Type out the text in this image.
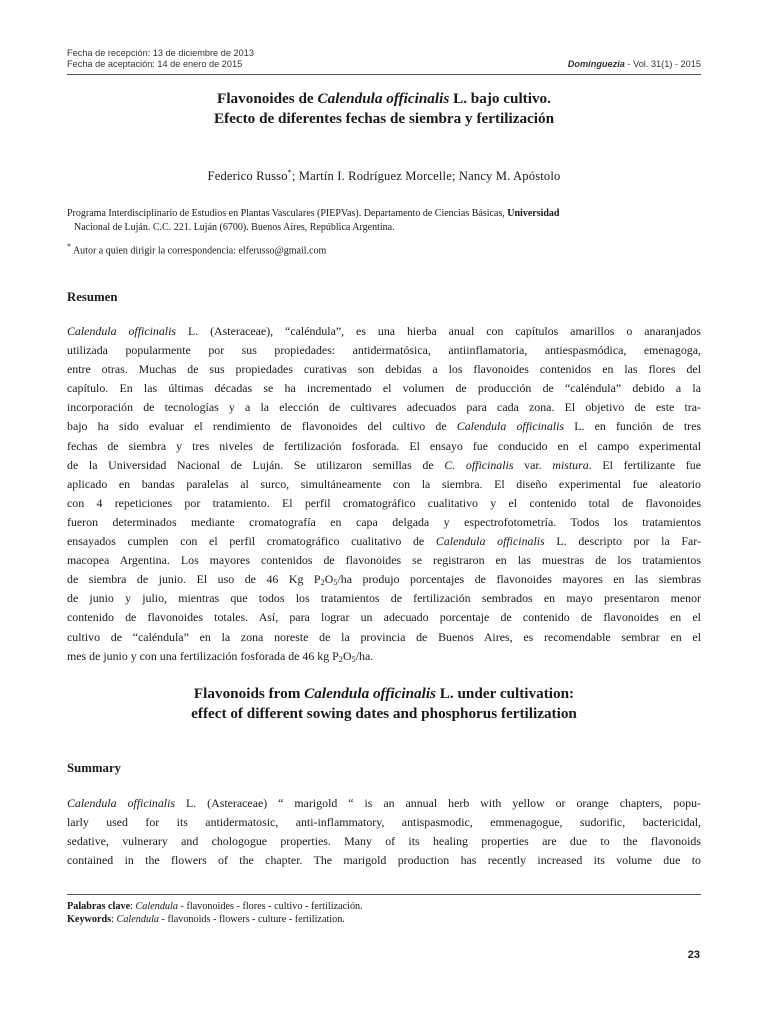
Fecha de recepción: 13 de diciembre de 2013
Fecha de aceptación: 14 de enero de 2015	Dominguezia - Vol. 31(1) - 2015
Flavonoides de Calendula officinalis L. bajo cultivo.
Efecto de diferentes fechas de siembra y fertilización
Federico Russo*; Martín I. Rodríguez Morcelle; Nancy M. Apóstolo
Programa Interdisciplinario de Estudios en Plantas Vasculares (PIEPVas). Departamento de Ciencias Básicas, Universidad
Nacional de Luján. C.C. 221. Luján (6700). Buenos Aires, República Argentina.
* Autor a quien dirigir la correspondencia: elferusso@gmail.com
Resumen
Calendula officinalis L. (Asteraceae), “caléndula”, es una hierba anual con capítulos amarillos o anaranjados
utilizada popularmente por sus propiedades: antidermatósica, antiinflamatoria, antiespasmódica, emenagoga,
entre otras. Muchas de sus propiedades curativas son debidas a los flavonoides contenidos en las flores del
capítulo. En las últimas décadas se ha incrementado el volumen de producción de “caléndula” debido a la
incorporación de tecnologías y a la elección de cultivares adecuados para cada zona. El objetivo de este tra-
bajo ha sido evaluar el rendimiento de flavonoides del cultivo de Calendula officinalis L. en función de tres
fechas de siembra y tres niveles de fertilización fosforada. El ensayo fue conducido en el campo experimental
de la Universidad Nacional de Luján. Se utilizaron semillas de C. officinalis var. mistura. El fertilizante fue
aplicado en bandas paralelas al surco, simultáneamente con la siembra. El diseño experimental fue aleatorio
con 4 repeticiones por tratamiento. El perfil cromatográfico cualitativo y el contenido total de flavonoides
fueron determinados mediante cromatografía en capa delgada y espectrofotometría. Todos los tratamientos
ensayados cumplen con el perfil cromatográfico cualitativo de Calendula officinalis L. descripto por la Far-
macopea Argentina. Los mayores contenidos de flavonoides se registraron en las muestras de los tratamientos
de siembra de junio. El uso de 46 Kg $P_2O_5/ha$ produjo porcentajes de flavonoides mayores en las siembras
de junio y julio, mientras que todos los tratamientos de fertilización sembrados en mayo presentaron menor
contenido de flavonoides totales. Así, para lograr un adecuado porcentaje de contenido de flavonoides en el
cultivo de “caléndula” en la zona noreste de la provincia de Buenos Aires, es recomendable sembrar en el
mes de junio y con una fertilización fosforada de 46 kg $P_2O_5/ha$.
Flavonoids from Calendula officinalis L. under cultivation:
effect of different sowing dates and phosphorus fertilization
Summary
Calendula officinalis L. (Asteraceae) “ marigold “ is an annual herb with yellow or orange chapters, popu-
larly used for its antidermatosic, anti-inflammatory, antispasmodic, emmenagogue, sudorific, bactericidal,
sedative, vulnerary and chologogue properties. Many of its healing properties are due to the flavonoids
contained in the flowers of the chapter. The marigold production has recently increased its volume due to
Palabras clave: Calendula - flavonoides - flores - cultivo - fertilización.
Keywords: Calendula - flavonoids - flowers - culture - fertilization.
23
